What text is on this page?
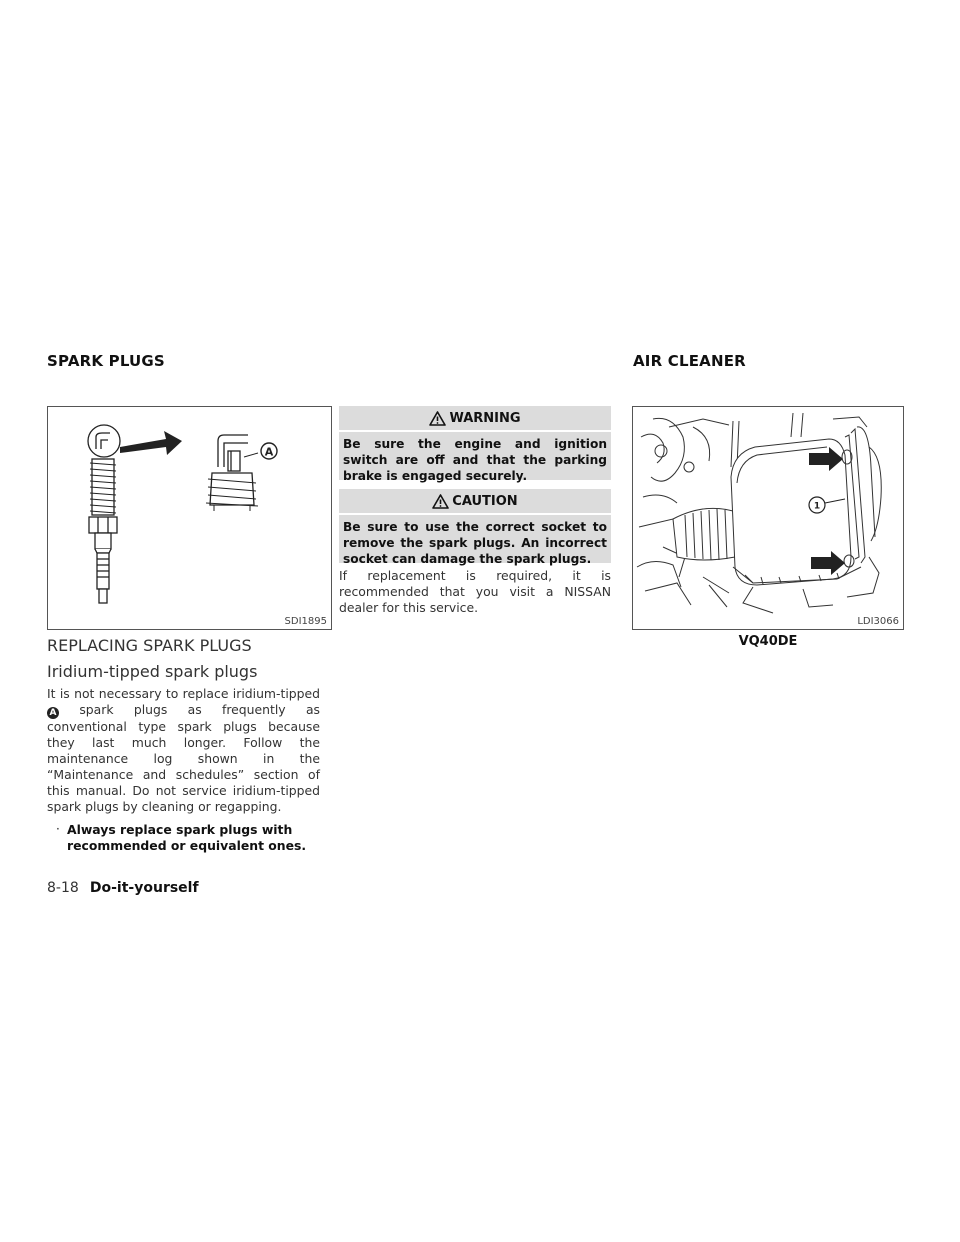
SPARK PLUGS
A
SDI1895
REPLACING SPARK PLUGS
Iridium-tipped spark plugs
It is not necessary to replace iridium-tipped A spark plugs as frequently as conventional type spark plugs because they last much longer. Follow the maintenance log shown in the “Maintenance and schedules” section of this manual. Do not service iridium-tipped spark plugs by cleaning or regapping.
· Always replace spark plugs with
recommended or equivalent ones.
WARNING
Be sure the engine and ignition switch are off and that the parking brake is engaged securely.
CAUTION
Be sure to use the correct socket to remove the spark plugs. An incorrect socket can damage the spark plugs.
If replacement is required, it is recommended that you visit a NISSAN dealer for this service.
AIR CLEANER
1
LDI3066
VQ40DE
8-18 Do-it-yourself
